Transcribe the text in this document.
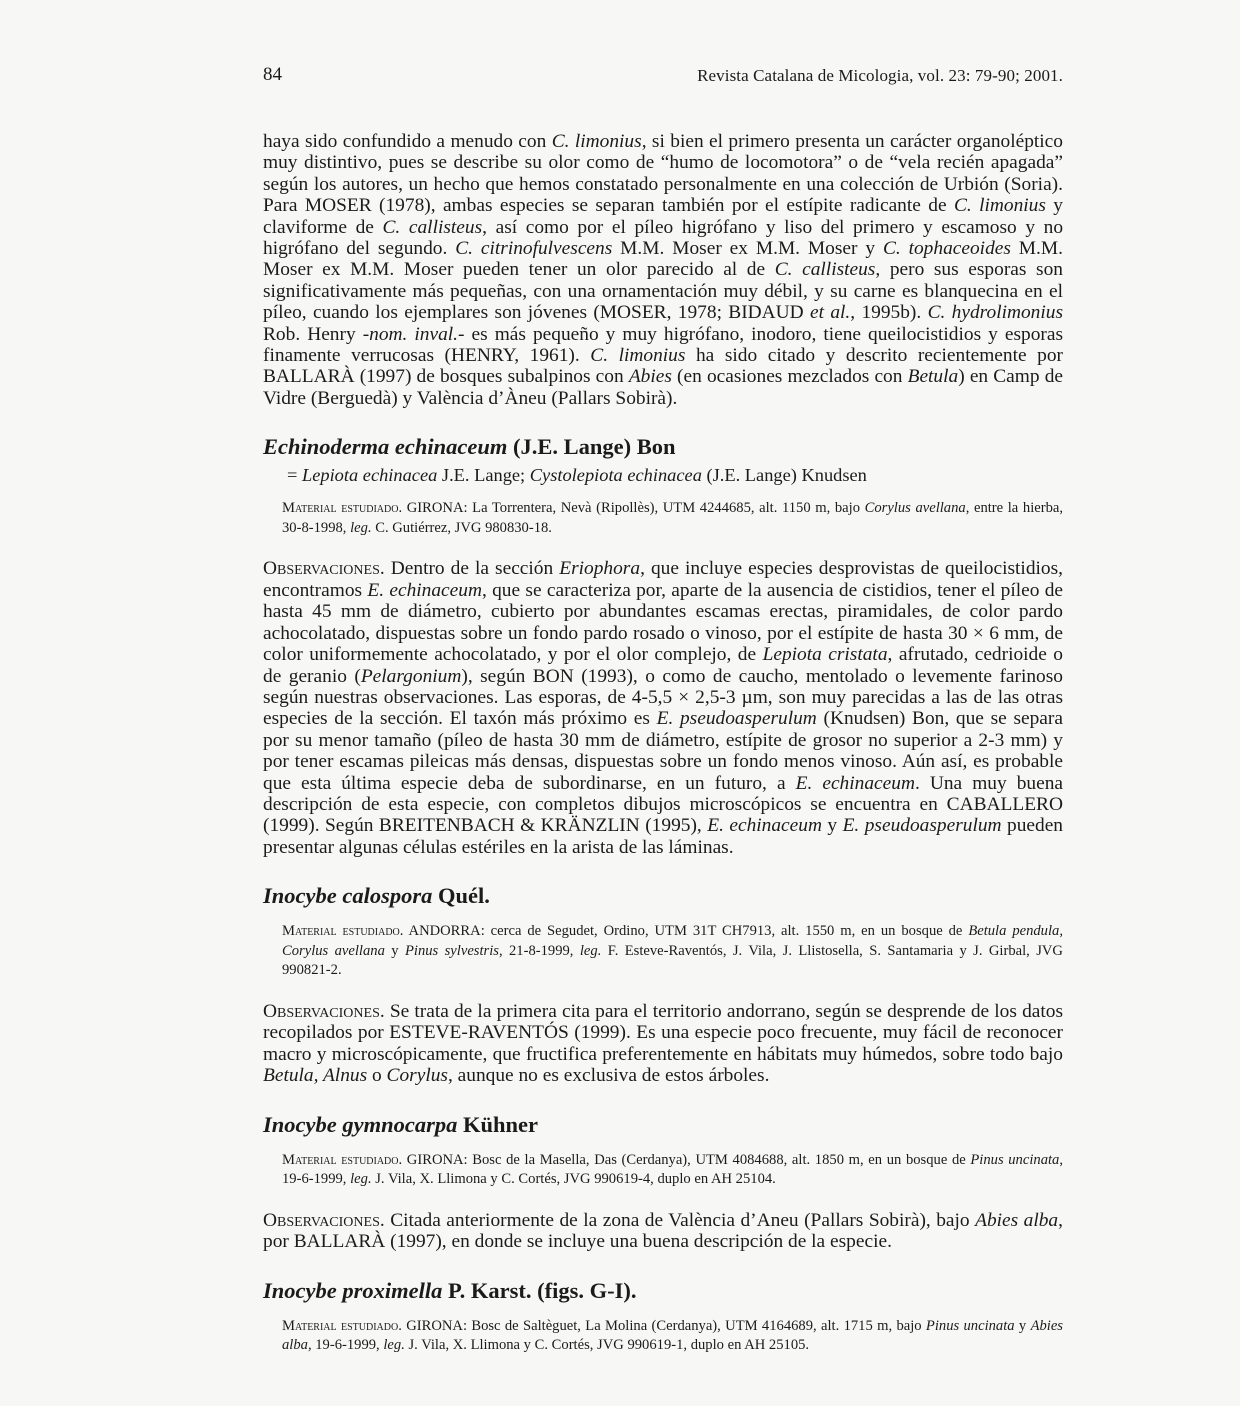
84	Revista Catalana de Micologia, vol. 23: 79-90; 2001.

haya sido confundido a menudo con C. limonius, si bien el primero presenta un carácter organoléptico muy distintivo, pues se describe su olor como de “humo de locomotora” o de “vela recién apagada” según los autores, un hecho que hemos constatado personalmente en una colección de Urbión (Soria). Para MOSER (1978), ambas especies se separan también por el estípite radicante de C. limonius y claviforme de C. callisteus, así como por el píleo higrófano y liso del primero y escamoso y no higrófano del segundo. C. citrinofulvescens M.M. Moser ex M.M. Moser y C. tophaceoides M.M. Moser ex M.M. Moser pueden tener un olor parecido al de C. callisteus, pero sus esporas son significativamente más pequeñas, con una ornamentación muy débil, y su carne es blanquecina en el píleo, cuando los ejemplares son jóvenes (MOSER, 1978; BIDAUD et al., 1995b). C. hydrolimonius Rob. Henry -nom. inval.- es más pequeño y muy higrófano, inodoro, tiene queilocistidios y esporas finamente verrucosas (HENRY, 1961). C. limonius ha sido citado y descrito recientemente por BALLARÀ (1997) de bosques subalpinos con Abies (en ocasiones mezclados con Betula) en Camp de Vidre (Berguedà) y València d’Àneu (Pallars Sobirà).

Echinoderma echinaceum (J.E. Lange) Bon

= Lepiota echinacea J.E. Lange; Cystolepiota echinacea (J.E. Lange) Knudsen

Material estudiado. GIRONA: La Torrentera, Nevà (Ripollès), UTM 4244685, alt. 1150 m, bajo Corylus avellana, entre la hierba, 30-8-1998, leg. C. Gutiérrez, JVG 980830-18.

Observaciones. Dentro de la sección Eriophora, que incluye especies desprovistas de queilocistidios, encontramos E. echinaceum, que se caracteriza por, aparte de la ausencia de cistidios, tener el píleo de hasta 45 mm de diámetro, cubierto por abundantes escamas erectas, piramidales, de color pardo achocolatado, dispuestas sobre un fondo pardo rosado o vinoso, por el estípite de hasta 30 × 6 mm, de color uniformemente achocolatado, y por el olor complejo, de Lepiota cristata, afrutado, cedrioide o de geranio (Pelargonium), según BON (1993), o como de caucho, mentolado o levemente farinoso según nuestras observaciones. Las esporas, de 4-5,5 × 2,5-3 µm, son muy parecidas a las de las otras especies de la sección. El taxón más próximo es E. pseudoasperulum (Knudsen) Bon, que se separa por su menor tamaño (píleo de hasta 30 mm de diámetro, estípite de grosor no superior a 2-3 mm) y por tener escamas pileicas más densas, dispuestas sobre un fondo menos vinoso. Aún así, es probable que esta última especie deba de subordinarse, en un futuro, a E. echinaceum. Una muy buena descripción de esta especie, con completos dibujos microscópicos se encuentra en CABALLERO (1999). Según BREITENBACH & KRÄNZLIN (1995), E. echinaceum y E. pseudoasperulum pueden presentar algunas células estériles en la arista de las láminas.

Inocybe calospora Quél.

Material estudiado. ANDORRA: cerca de Segudet, Ordino, UTM 31T CH7913, alt. 1550 m, en un bosque de Betula pendula, Corylus avellana y Pinus sylvestris, 21-8-1999, leg. F. Esteve-Raventós, J. Vila, J. Llistosella, S. Santamaria y J. Girbal, JVG 990821-2.

Observaciones. Se trata de la primera cita para el territorio andorrano, según se desprende de los datos recopilados por ESTEVE-RAVENTÓS (1999). Es una especie poco frecuente, muy fácil de reconocer macro y microscópicamente, que fructifica preferentemente en hábitats muy húmedos, sobre todo bajo Betula, Alnus o Corylus, aunque no es exclusiva de estos árboles.

Inocybe gymnocarpa Kühner

Material estudiado. GIRONA: Bosc de la Masella, Das (Cerdanya), UTM 4084688, alt. 1850 m, en un bosque de Pinus uncinata, 19-6-1999, leg. J. Vila, X. Llimona y C. Cortés, JVG 990619-4, duplo en AH 25104.

Observaciones. Citada anteriormente de la zona de València d’Aneu (Pallars Sobirà), bajo Abies alba, por BALLARÀ (1997), en donde se incluye una buena descripción de la especie.

Inocybe proximella P. Karst. (figs. G-I).

Material estudiado. GIRONA: Bosc de Saltèguet, La Molina (Cerdanya), UTM 4164689, alt. 1715 m, bajo Pinus uncinata y Abies alba, 19-6-1999, leg. J. Vila, X. Llimona y C. Cortés, JVG 990619-1, duplo en AH 25105.
